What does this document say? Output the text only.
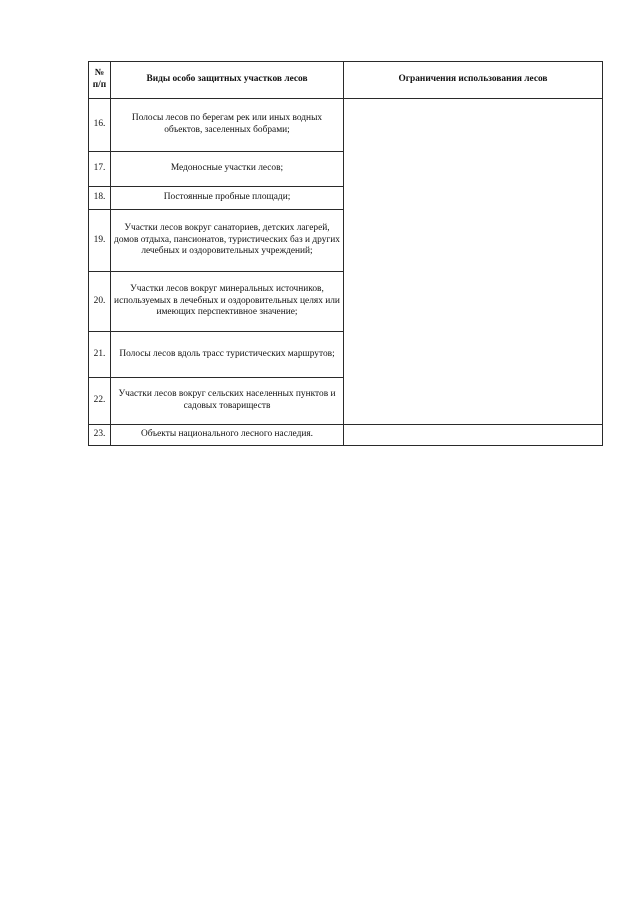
№
п/п	Виды особо защитных участков лесов	Ограничения использования лесов
16.	Полосы лесов по берегам рек или иных водных объектов, заселенных бобрами;	
17.	Медоносные участки лесов;	
18.	Постоянные пробные площади;	
19.	Участки лесов вокруг санаториев, детских лагерей, домов отдыха, пансионатов, туристических баз и других лечебных и оздоровительных учреждений;	
20.	Участки лесов вокруг минеральных источников, используемых в лечебных и оздоровительных целях или имеющих перспективное значение;	
21.	Полосы лесов вдоль трасс туристических маршрутов;	
22.	Участки лесов вокруг сельских населенных пунктов и садовых товариществ	
23.	Объекты национального лесного наследия.	
